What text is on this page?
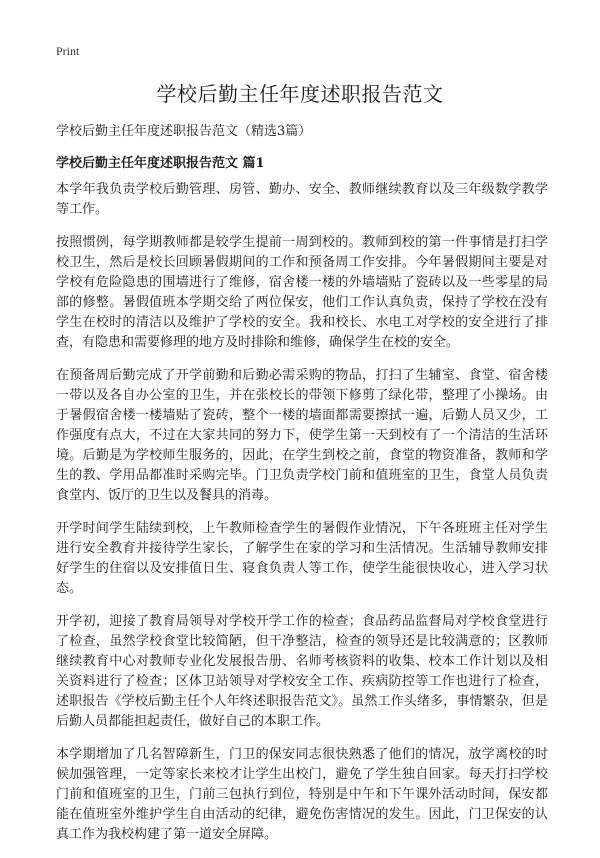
Print
学校后勤主任年度述职报告范文

学校后勤主任年度述职报告范文（精选3篇）

学校后勤主任年度述职报告范文 篇1

本学年我负责学校后勤管理、房管、勤办、安全、教师继续教育以及三年级数学教学等工作。

按照惯例，每学期教师都是较学生提前一周到校的。教师到校的第一件事情是打扫学校卫生，然后是校长回顾暑假期间的工作和预备周工作安排。今年暑假期间主要是对学校有危险隐患的围墙进行了维修，宿舍楼一楼的外墙墙贴了瓷砖以及一些零星的局部的修整。暑假值班本学期交给了两位保安，他们工作认真负责，保持了学校在没有学生在校时的清洁以及维护了学校的安全。我和校长、水电工对学校的安全进行了排查，有隐患和需要修理的地方及时排除和维修，确保学生在校的安全。

在预备周后勤完成了开学前勤和后勤必需采购的物品，打扫了生辅室、食堂、宿舍楼一带以及各自办公室的卫生，并在张校长的带领下修剪了绿化带，整理了小操场。由于暑假宿舍楼一楼墙贴了瓷砖，整个一楼的墙面都需要擦拭一遍，后勤人员又少，工作强度有点大，不过在大家共同的努力下，使学生第一天到校有了一个清洁的生活环境。后勤是为学校师生服务的，因此，在学生到校之前，食堂的物资准备，教师和学生的教、学用品都准时采购完毕。门卫负责学校门前和值班室的卫生，食堂人员负责食堂内、饭厅的卫生以及餐具的消毒。

开学时间学生陆续到校，上午教师检查学生的暑假作业情况，下午各班班主任对学生进行安全教育并接待学生家长，了解学生在家的学习和生活情况。生活辅导教师安排好学生的住宿以及安排值日生、寝食负责人等工作，使学生能很快收心，进入学习状态。

开学初，迎接了教育局领导对学校开学工作的检查；食品药品监督局对学校食堂进行了检查，虽然学校食堂比较简陋，但干净整洁，检查的领导还是比较满意的；区教师继续教育中心对教师专业化发展报告册、名师考核资料的收集、校本工作计划以及相关资料进行了检查；区体卫站领导对学校安全工作、疾病防控等工作也进行了检查，述职报告《学校后勤主任个人年终述职报告范文》。虽然工作头绪多，事情繁杂，但是后勤人员都能担起责任，做好自己的本职工作。

本学期增加了几名智障新生，门卫的保安同志很快熟悉了他们的情况，放学离校的时候加强管理，一定等家长来校才让学生出校门，避免了学生独自回家。每天打扫学校门前和值班室的卫生，门前三包执行到位，特别是中午和下午课外活动时间，保安都能在值班室外维护学生自由活动的纪律，避免伤害情况的发生。因此，门卫保安的认真工作为我校构建了第一道安全屏障。
